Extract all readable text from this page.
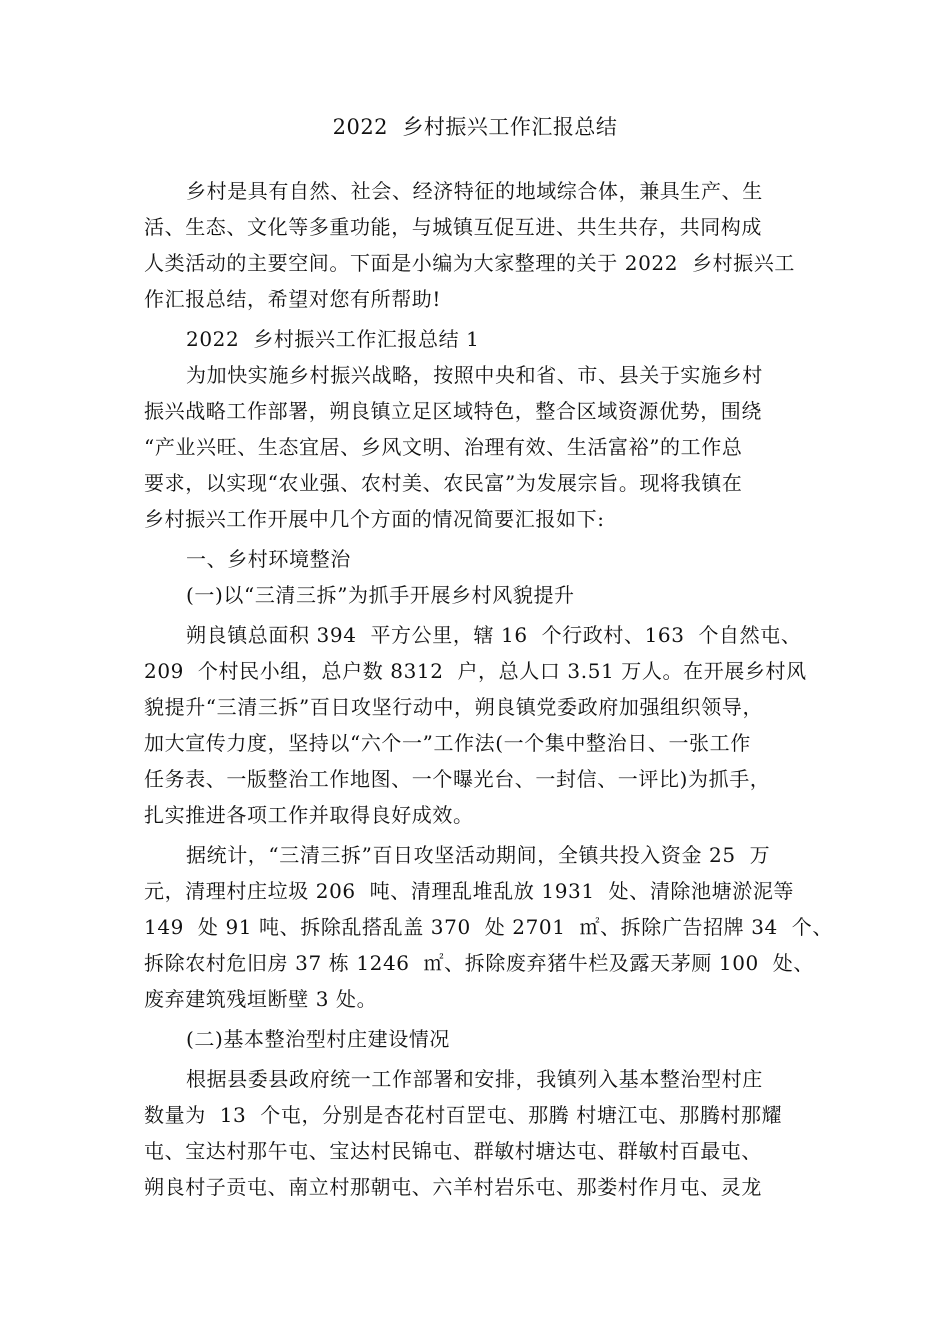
2022  乡村振兴工作汇报总结
乡村是具有自然、社会、经济特征的地域综合体，兼具生产、生
活、生态、文化等多重功能，与城镇互促互进、共生共存，共同构成
人类活动的主要空间。下面是小编为大家整理的关于 2022  乡村振兴工
作汇报总结，希望对您有所帮助!
2022  乡村振兴工作汇报总结 1
为加快实施乡村振兴战略，按照中央和省、市、县关于实施乡村
振兴战略工作部署，朔良镇立足区域特色，整合区域资源优势，围绕
“产业兴旺、生态宜居、乡风文明、治理有效、生活富裕”的工作总
要求，以实现“农业强、农村美、农民富”为发展宗旨。现将我镇在
乡村振兴工作开展中几个方面的情况简要汇报如下:
一、乡村环境整治
(一)以“三清三拆”为抓手开展乡村风貌提升
朔良镇总面积 394  平方公里，辖 16  个行政村、163  个自然屯、
209  个村民小组，总户数 8312  户，总人口 3.51 万人。在开展乡村风
貌提升“三清三拆”百日攻坚行动中，朔良镇党委政府加强组织领导，
加大宣传力度，坚持以“六个一”工作法(一个集中整治日、一张工作
任务表、一版整治工作地图、一个曝光台、一封信、一评比)为抓手，
扎实推进各项工作并取得良好成效。
据统计，“三清三拆”百日攻坚活动期间，全镇共投入资金 25  万
元，清理村庄垃圾 206  吨、清理乱堆乱放 1931  处、清除池塘淤泥等
149  处 91 吨、拆除乱搭乱盖 370  处 2701  ㎡、拆除广告招牌 34  个、
拆除农村危旧房 37 栋 1246  ㎡、拆除废弃猪牛栏及露天茅厕 100  处、
废弃建筑残垣断壁 3 处。
(二)基本整治型村庄建设情况
根据县委县政府统一工作部署和安排，我镇列入基本整治型村庄
数量为  13  个屯，分别是杏花村百罡屯、那腾 村塘江屯、那腾村那耀
屯、宝达村那午屯、宝达村民锦屯、群敏村塘达屯、群敏村百最屯、
朔良村子贡屯、南立村那朝屯、六羊村岩乐屯、那娄村作月屯、灵龙
